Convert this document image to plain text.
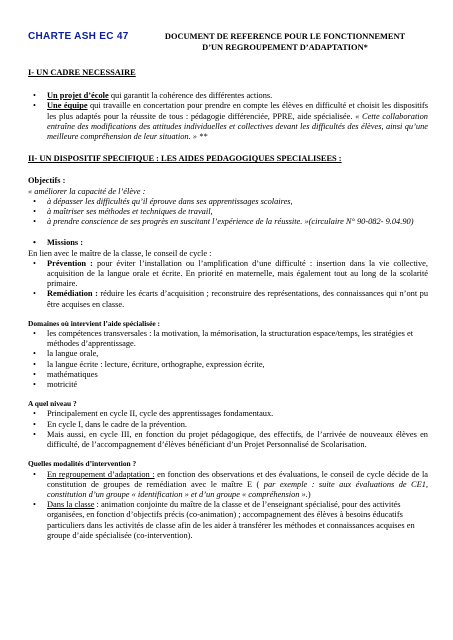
CHARTE ASH EC 47	DOCUMENT DE REFERENCE POUR LE FONCTIONNEMENT
D’UN REGROUPEMENT D’ADAPTATION*
I- UN CADRE NECESSAIRE
• Un projet d’école qui garantit la cohérence des différentes actions.
• Une équipe qui travaille en concertation pour prendre en compte les élèves en difficulté et choisit les dispositifs les plus adaptés pour la réussite de tous : pédagogie différenciée, PPRE, aide spécialisée. « Cette collaboration entraîne des modifications des attitudes individuelles et collectives devant les difficultés des élèves, ainsi qu’une meilleure compréhension de leur situation. » **
II- UN DISPOSITIF SPECIFIQUE : LES AIDES PEDAGOGIQUES SPECIALISEES :
Objectifs :
« améliorer la capacité de l’élève :
• à dépasser les difficultés qu’il éprouve dans ses apprentissages scolaires,
• à maîtriser ses méthodes et techniques de travail,
• à prendre conscience de ses progrès en suscitant l’expérience de la réussite. »(circulaire N° 90-082- 9.04.90)
• Missions :
En lien avec le maître de la classe, le conseil de cycle :
• Prévention : pour éviter l’installation ou l’amplification d’une difficulté : insertion dans la vie collective, acquisition de la langue orale et écrite. En priorité en maternelle, mais également tout au long de la scolarité primaire.
• Remédiation : réduire les écarts d’acquisition ; reconstruire des représentations, des connaissances qui n’ont pu être acquises en classe.
Domaines où intervient l’aide spécialisée :
• les compétences transversales : la motivation, la mémorisation, la structuration espace/temps, les stratégies et méthodes d’apprentissage.
• la langue orale,
• la langue écrite : lecture, écriture, orthographe, expression écrite,
• mathématiques
• motricité
A quel niveau ?
• Principalement en cycle II, cycle des apprentissages fondamentaux.
• En cycle I, dans le cadre de la prévention.
• Mais aussi, en cycle III, en fonction du projet pédagogique, des effectifs, de l’arrivée de nouveaux élèves en difficulté, de l’accompagnement d’élèves bénéficiant d’un Projet Personnalisé de Scolarisation.
Quelles modalités d’intervention ?
• En regroupement d’adaptation : en fonction des observations et des évaluations, le conseil de cycle décide de la constitution de groupes de remédiation avec le maître E ( par exemple : suite aux évaluations de CE1, constitution d’un groupe « identification » et d’un groupe « compréhension ».)
• Dans la classe : animation conjointe du maître de la classe et de l’enseignant spécialisé, pour des activités organisées, en fonction d’objectifs précis (co-animation) ; accompagnement des élèves à besoins éducatifs particuliers dans les activités de classe afin de les aider à transférer les méthodes et connaissances acquises en groupe d’aide spécialisée (co-intervention).
